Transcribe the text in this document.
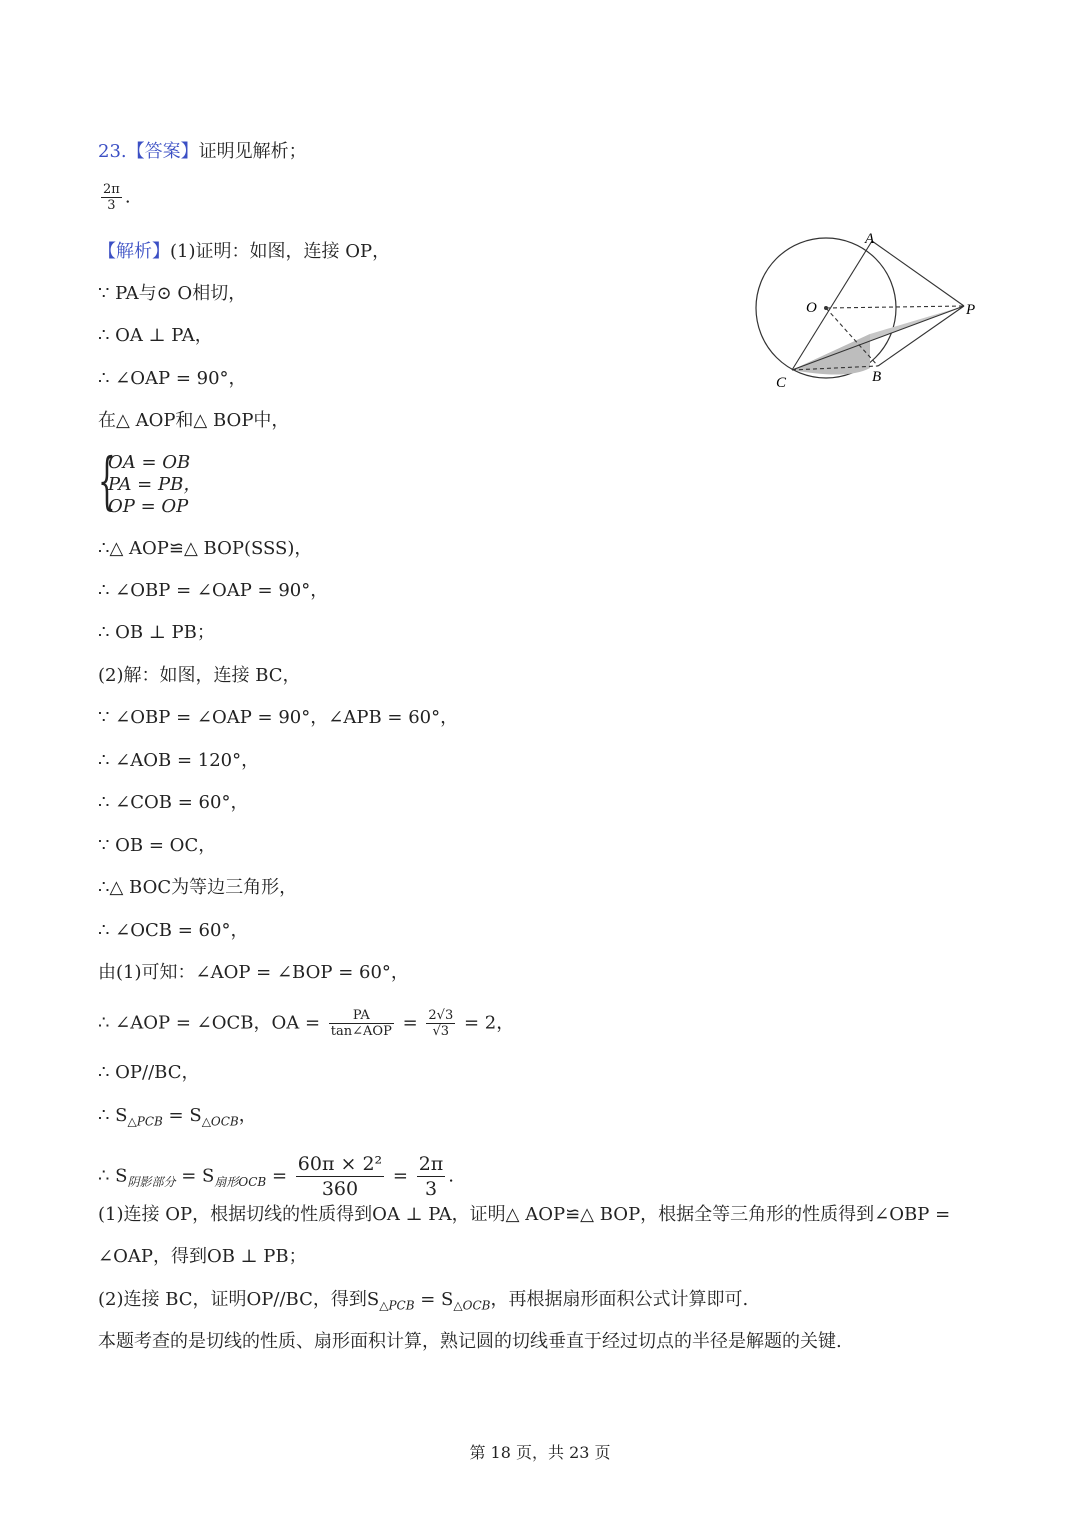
23.【答案】证明见解析；
$\frac{2\pi}{3}$ .
【解析】(1)证明：如图，连接 OP，
∵ PA与⊙ O相切，
∴ OA ⊥ PA，
∴ ∠OAP = 90°，
在△ AOP和△ BOP中，
{
OA = OB
PA = PB，
OP = OP
∴△ AOP≌△ BOP(SSS)，
∴ ∠OBP = ∠OAP = 90°，
∴ OB ⊥ PB；
(2)解：如图，连接 BC，
∵ ∠OBP = ∠OAP = 90°，∠APB = 60°，
∴ ∠AOB = 120°，
∴ ∠COB = 60°，
∵ OB = OC，
∴△ BOC为等边三角形，
∴ ∠OCB = 60°，
由(1)可知：∠AOP = ∠BOP = 60°，
∴ ∠AOP = ∠OCB，OA = $\frac{PA}{\text{tan∠AOP}} = \frac{2√3}{√3} = 2$，
∴ OP//BC，
∴ $S_{\triangle PCB} = S_{\triangle OCB}$，
∴ $S_{阴影部分} = S_{扇形OCB} = \frac{\text{60π × 2²}}{360} = \frac{2\pi}{3}$ .
(1)连接 OP，根据切线的性质得到OA ⊥ PA，证明△ AOP≌△ BOP，根据全等三角形的性质得到∠OBP =
∠OAP，得到OB ⊥ PB；
(2)连接 BC，证明OP//BC，得到$S_{\triangle PCB} = S_{\triangle OCB}$，再根据扇形面积公式计算即可.
本题考查的是切线的性质、扇形面积计算，熟记圆的切线垂直于经过切点的半径是解题的关键.
A
O	P
C	B
第 18 页，共 23 页
